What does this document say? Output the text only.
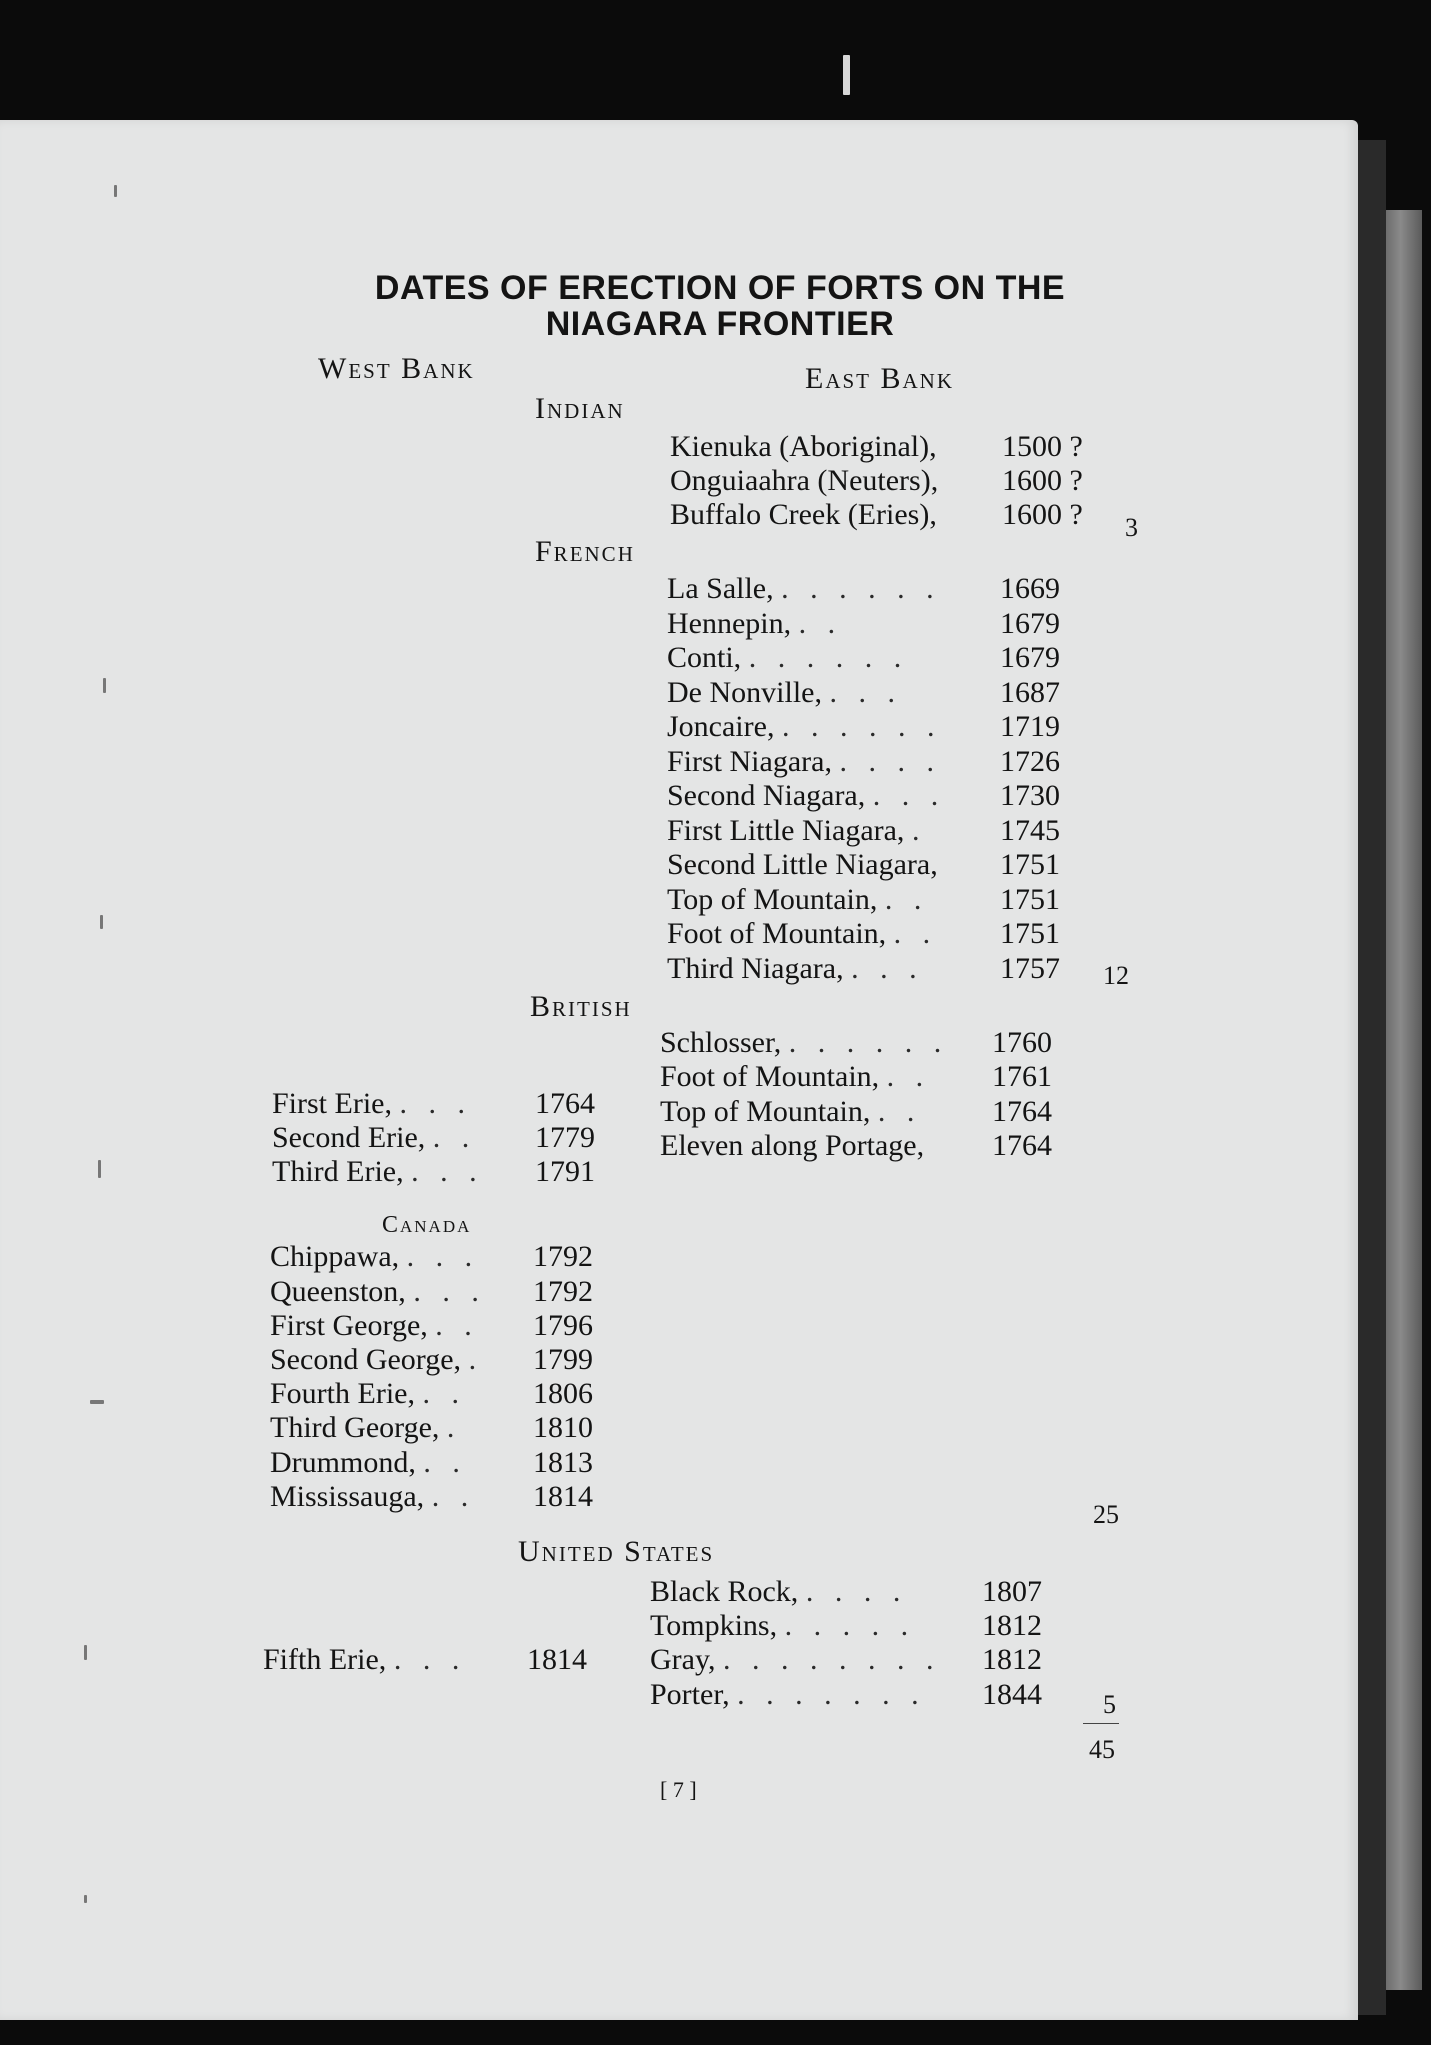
DATES OF ERECTION OF FORTS ON THE
NIAGARA FRONTIER
West Bank	East Bank
Indian
French
British
Canada
United States
Kienuka (Aboriginal), 1500 ?
Onguiaahra (Neuters), 1600 ?
Buffalo Creek (Eries), 1600 ?
La Salle, . . . . . . 1669
Hennepin, . .	1679
Conti, . . . . . .	1679
De Nonville, . . .	1687
Joncaire, . . . . . . 1719
First Niagara, . . . . 1726
Second Niagara, . . . 1730
First Little Niagara, . 1745
Second Little Niagara, 1751
Top of Mountain, . . 1751
Foot of Mountain, . . 1751
Third Niagara, . . .	1757
Schlosser, . . . . . . 1760
Foot of Mountain, . . 1761
Top of Mountain, . . 1764
Eleven along Portage, 1764
First Erie, . . . 1764
Second Erie, . . 1779
Third Erie, . . . 1791
Chippawa, . . . 1792
Queenston, . . . 1792
First George, . . 1796
Second George, . 1799
Fourth Erie, . . 1806
Third George, . 1810
Drummond, . . 1813
Mississauga, . . 1814
Black Rock, . . . . 1807
Tompkins, . . . . . 1812
Gray, . . . . . . . . 1812
Porter, . . . . . . . 1844
Fifth Erie, . . . 1814
3
12
25
5
45
[ 7 ]
